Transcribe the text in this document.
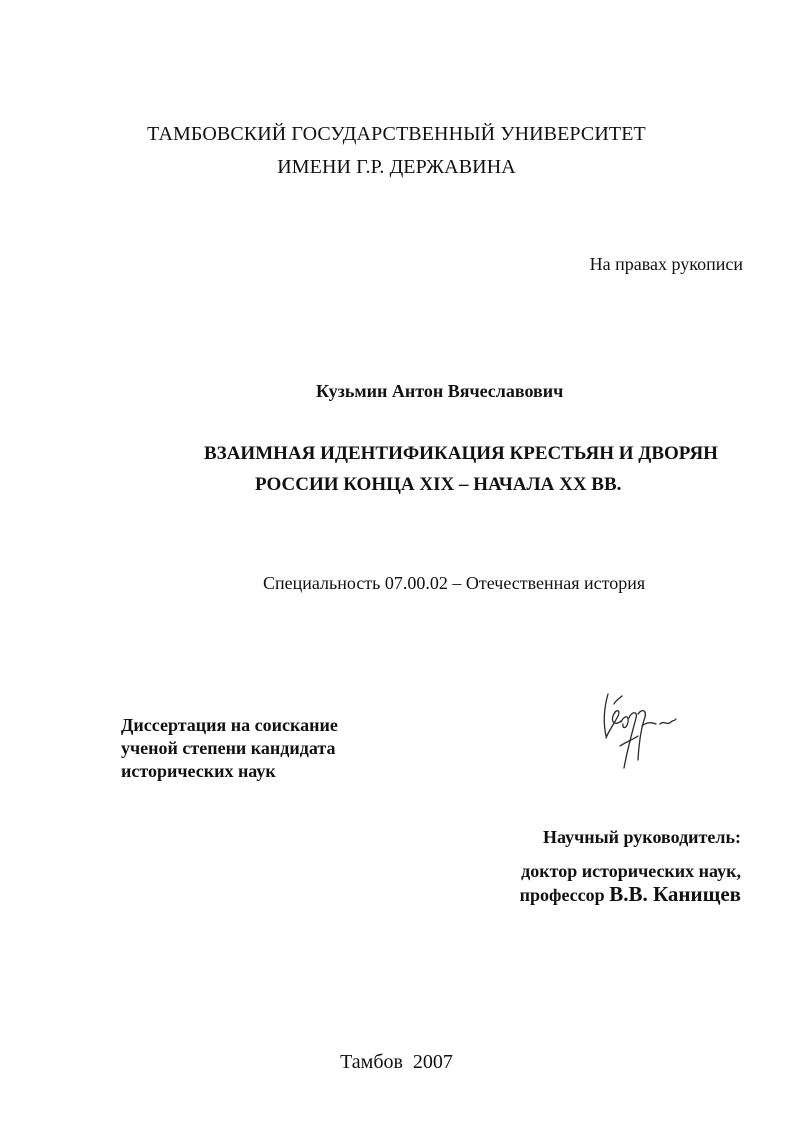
ТАМБОВСКИЙ ГОСУДАРСТВЕННЫЙ УНИВЕРСИТЕТ
ИМЕНИ Г.Р. ДЕРЖАВИНА
На правах рукописи
Кузьмин Антон Вячеславович
ВЗАИМНАЯ ИДЕНТИФИКАЦИЯ КРЕСТЬЯН И ДВОРЯН
РОССИИ КОНЦА XIX – НАЧАЛА XX ВВ.
Специальность 07.00.02 – Отечественная история
Диссертация на соискание
ученой степени кандидата
исторических наук
Научный руководитель:
доктор исторических наук,
профессор В.В. Канищев
Тамбов  2007
